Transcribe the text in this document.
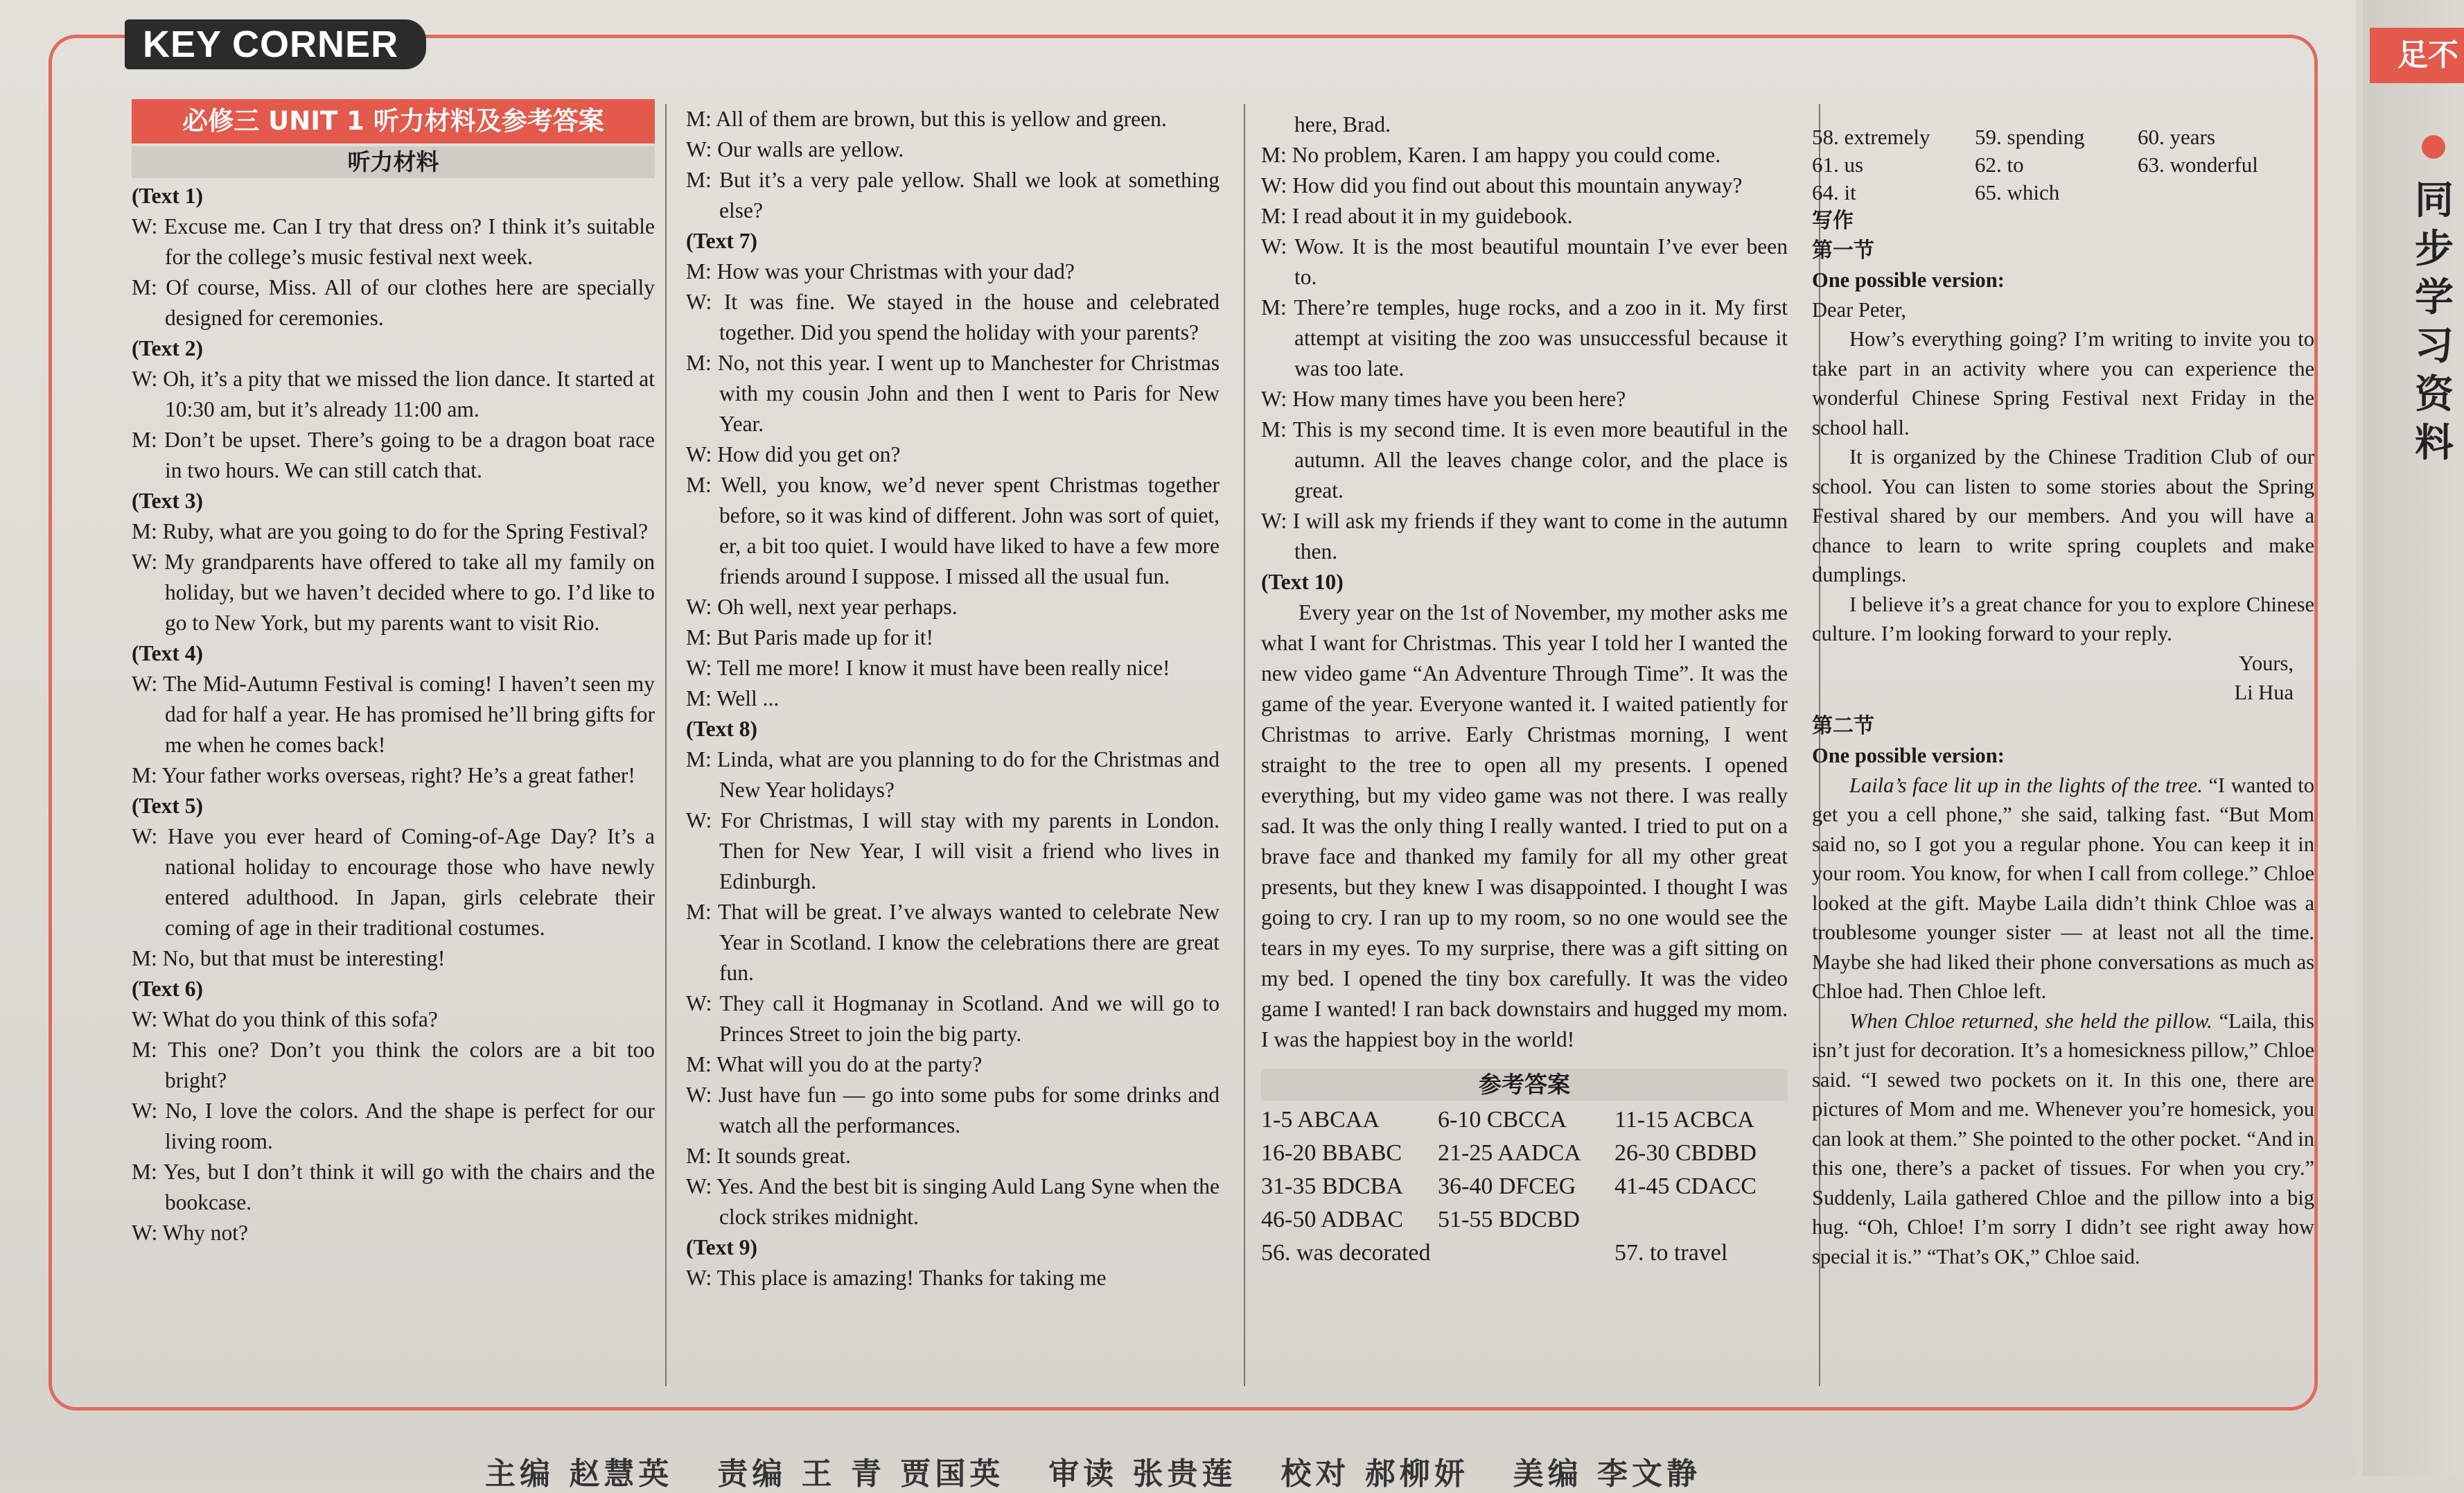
足不
同步学习资料
KEY CORNER
必修三 UNIT 1 听力材料及参考答案
听力材料
(Text 1)
W: Excuse me. Can I try that dress on? I think it’s suitable for the college’s music festival next week.
M: Of course, Miss. All of our clothes here are specially designed for ceremonies.
(Text 2)
W: Oh, it’s a pity that we missed the lion dance. It started at 10:30 am, but it’s already 11:00 am.
M: Don’t be upset. There’s going to be a dragon boat race in two hours. We can still catch that.
(Text 3)
M: Ruby, what are you going to do for the Spring Festival?
W: My grandparents have offered to take all my family on holiday, but we haven’t decided where to go. I’d like to go to New York, but my parents want to visit Rio.
(Text 4)
W: The Mid-Autumn Festival is coming! I haven’t seen my dad for half a year. He has promised he’ll bring gifts for me when he comes back!
M: Your father works overseas, right? He’s a great father!
(Text 5)
W: Have you ever heard of Coming-of-Age Day? It’s a national holiday to encourage those who have newly entered adulthood. In Japan, girls celebrate their coming of age in their traditional costumes.
M: No, but that must be interesting!
(Text 6)
W: What do you think of this sofa?
M: This one? Don’t you think the colors are a bit too bright?
W: No, I love the colors. And the shape is perfect for our living room.
M: Yes, but I don’t think it will go with the chairs and the bookcase.
W: Why not?
M: All of them are brown, but this is yellow and green.
W: Our walls are yellow.
M: But it’s a very pale yellow. Shall we look at something else?
(Text 7)
M: How was your Christmas with your dad?
W: It was fine. We stayed in the house and celebrated together. Did you spend the holiday with your parents?
M: No, not this year. I went up to Manchester for Christmas with my cousin John and then I went to Paris for New Year.
W: How did you get on?
M: Well, you know, we’d never spent Christmas together before, so it was kind of different. John was sort of quiet, er, a bit too quiet. I would have liked to have a few more friends around I suppose. I missed all the usual fun.
W: Oh well, next year perhaps.
M: But Paris made up for it!
W: Tell me more! I know it must have been really nice!
M: Well ...
(Text 8)
M: Linda, what are you planning to do for the Christmas and New Year holidays?
W: For Christmas, I will stay with my parents in London. Then for New Year, I will visit a friend who lives in Edinburgh.
M: That will be great. I’ve always wanted to celebrate New Year in Scotland. I know the celebrations there are great fun.
W: They call it Hogmanay in Scotland. And we will go to Princes Street to join the big party.
M: What will you do at the party?
W: Just have fun — go into some pubs for some drinks and watch all the performances.
M: It sounds great.
W: Yes. And the best bit is singing Auld Lang Syne when the clock strikes midnight.
(Text 9)
W: This place is amazing! Thanks for taking me
here, Brad.
M: No problem, Karen. I am happy you could come.
W: How did you find out about this mountain anyway?
M: I read about it in my guidebook.
W: Wow. It is the most beautiful mountain I’ve ever been to.
M: There’re temples, huge rocks, and a zoo in it. My first attempt at visiting the zoo was unsuccessful because it was too late.
W: How many times have you been here?
M: This is my second time. It is even more beautiful in the autumn. All the leaves change color, and the place is great.
W: I will ask my friends if they want to come in the autumn then.
(Text 10)
Every year on the 1st of November, my mother asks me what I want for Christmas. This year I told her I wanted the new video game “An Adventure Through Time”. It was the game of the year. Everyone wanted it. I waited patiently for Christmas to arrive. Early Christmas morning, I went straight to the tree to open all my presents. I opened everything, but my video game was not there. I was really sad. It was the only thing I really wanted. I tried to put on a brave face and thanked my family for all my other great presents, but they knew I was disappointed. I thought I was going to cry. I ran up to my room, so no one would see the tears in my eyes. To my surprise, there was a gift sitting on my bed. I opened the tiny box carefully. It was the video game I wanted! I ran back downstairs and hugged my mom. I was the happiest boy in the world!
参考答案
1-5 ABCAA	6-10 CBCCA	11-15 ACBCA
16-20 BBABC	21-25 AADCA	26-30 CBDBD
31-35 BDCBA	36-40 DFCEG	41-45 CDACC
46-50 ADBAC	51-55 BDCBD
56. was decorated	57. to travel
58. extremely	59. spending	60. years
61. us	62. to	63. wonderful
64. it	65. which
写作
第一节
One possible version:
Dear Peter,
How’s everything going? I’m writing to invite you to take part in an activity where you can experience the wonderful Chinese Spring Festival next Friday in the school hall.
It is organized by the Chinese Tradition Club of our school. You can listen to some stories about the Spring Festival shared by our members. And you will have a chance to learn to write spring couplets and make dumplings.
I believe it’s a great chance for you to explore Chinese culture. I’m looking forward to your reply.
Yours,
Li Hua
第二节
One possible version:
Laila’s face lit up in the lights of the tree. “I wanted to get you a cell phone,” she said, talking fast. “But Mom said no, so I got you a regular phone. You can keep it in your room. You know, for when I call from college.” Chloe looked at the gift. Maybe Laila didn’t think Chloe was a troublesome younger sister — at least not all the time. Maybe she had liked their phone conversations as much as Chloe had. Then Chloe left.
When Chloe returned, she held the pillow. “Laila, this isn’t just for decoration. It’s a homesickness pillow,” Chloe said. “I sewed two pockets on it. In this one, there are pictures of Mom and me. Whenever you’re homesick, you can look at them.” She pointed to the other pocket. “And in this one, there’s a packet of tissues. For when you cry.” Suddenly, Laila gathered Chloe and the pillow into a big hug. “Oh, Chloe! I’m sorry I didn’t see right away how special it is.” “That’s OK,” Chloe said.
主编 赵慧英   责编 王 青 贾国英   审读 张贵莲   校对 郝柳妍   美编 李文静
